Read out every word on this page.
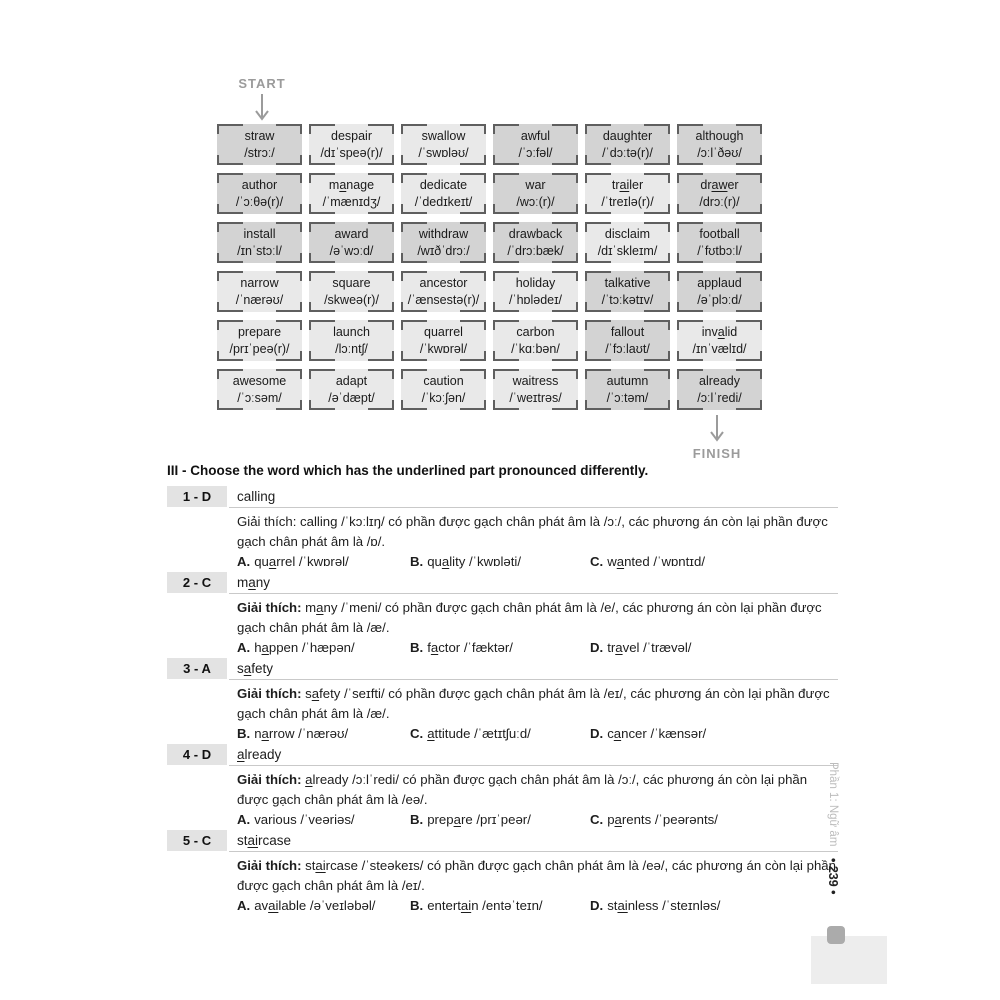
START
straw
/strɔː/
despair
/dɪˈspeə(r)/
swallow
/ˈswɒləʊ/
awful
/ˈɔːfəl/
daughter
/ˈdɔːtə(r)/
although
/ɔːlˈðəʊ/
author
/ˈɔːθə(r)/
manage
/ˈmænɪdʒ/
dedicate
/ˈdedɪkeɪt/
war
/wɔː(r)/
trailer
/ˈtreɪlə(r)/
drawer
/drɔː(r)/
install
/ɪnˈstɔːl/
award
/əˈwɔːd/
withdraw
/wɪðˈdrɔː/
drawback
/ˈdrɔːbæk/
disclaim
/dɪˈskleɪm/
football
/ˈfʊtbɔːl/
narrow
/ˈnærəʊ/
square
/skweə(r)/
ancestor
/ˈænsestə(r)/
holiday
/ˈhɒlədeɪ/
talkative
/ˈtɔːkətɪv/
applaud
/əˈplɔːd/
prepare
/prɪˈpeə(r)/
launch
/lɔːntʃ/
quarrel
/ˈkwɒrəl/
carbon
/ˈkɑːbən/
fallout
/ˈfɔːlaʊt/
invalid
/ɪnˈvælɪd/
awesome
/ˈɔːsəm/
adapt
/əˈdæpt/
caution
/ˈkɔːʃən/
waitress
/ˈweɪtrəs/
autumn
/ˈɔːtəm/
already
/ɔːlˈredi/
FINISH
III - Choose the word which has the underlined part pronounced differently.
1 - D	calling

Giải thích: calling /ˈkɔːlɪŋ/ có phần được gạch chân phát âm là /ɔː/, các phương án còn lại phần được gạch chân phát âm là /ɒ/.

A. quarrel /ˈkwɒrəl/	B. quality /ˈkwɒləti/	C. wanted /ˈwɒntɪd/
2 - C	many

Giải thích: many /ˈmeni/ có phần được gạch chân phát âm là /e/, các phương án còn lại phần được gạch chân phát âm là /æ/.

A. happen /ˈhæpən/	B. factor /ˈfæktər/	D. travel /ˈtrævəl/
3 - A	safety

Giải thích: safety /ˈseɪfti/ có phần được gạch chân phát âm là /eɪ/, các phương án còn lại phần được gạch chân phát âm là /æ/.

B. narrow /ˈnærəʊ/	C. attitude /ˈætɪtʃuːd/	D. cancer /ˈkænsər/
4 - D	already

Giải thích: already /ɔːlˈredi/ có phần được gạch chân phát âm là /ɔː/, các phương án còn lại phần được gạch chân phát âm là /eə/.

A. various /ˈveəriəs/	B. prepare /prɪˈpeər/	C. parents /ˈpeərənts/
5 - C	staircase

Giải thích: staircase /ˈsteəkeɪs/ có phần được gạch chân phát âm là /eə/, các phương án còn lại phần được gạch chân phát âm là /eɪ/.

A. available /əˈveɪləbəl/	B. entertain /entəˈteɪn/	D. stainless /ˈsteɪnləs/
Phần 1: Ngữ âm • 239 •
